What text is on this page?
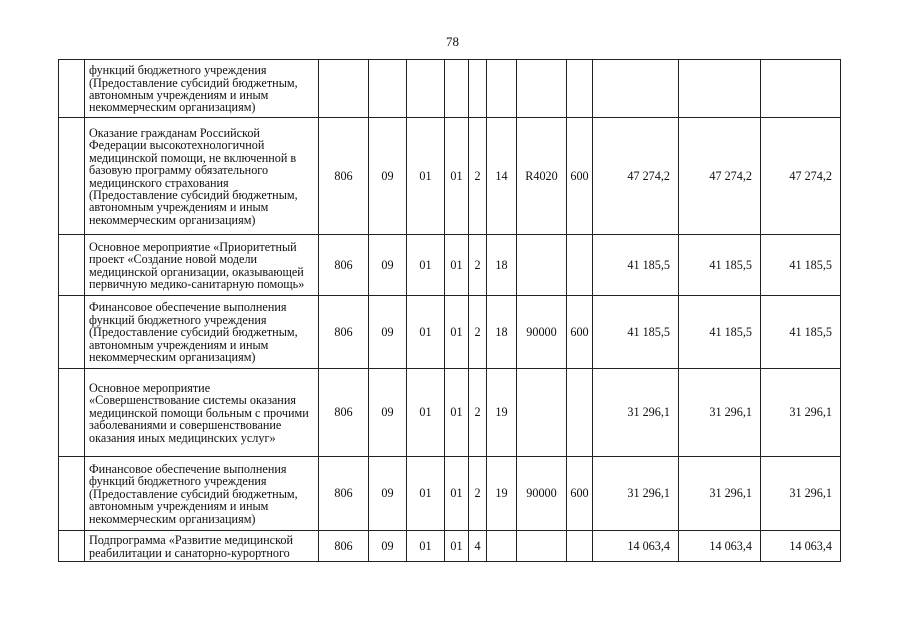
78
	функций бюджетного учреждения (Предоставление субсидий бюджетным, автономным учреждениям и иным некоммерческим организациям)											
	Оказание гражданам Российской Федерации высокотехнологичной медицинской помощи, не включенной в базовую программу обязательного медицинского страхования (Предоставление субсидий бюджетным, автономным учреждениям и иным некоммерческим организациям)	806	09	01	01	2	14	R4020	600	47 274,2	47 274,2	47 274,2
	Основное мероприятие «Приоритетный проект «Создание новой модели медицинской организации, оказывающей первичную медико-санитарную помощь»	806	09	01	01	2	18			41 185,5	41 185,5	41 185,5
	Финансовое обеспечение выполнения функций бюджетного учреждения (Предоставление субсидий бюджетным, автономным учреждениям и иным некоммерческим организациям)	806	09	01	01	2	18	90000	600	41 185,5	41 185,5	41 185,5
	Основное мероприятие «Совершенствование системы оказания медицинской помощи больным с прочими заболеваниями и совершенствование оказания иных медицинских услуг»	806	09	01	01	2	19			31 296,1	31 296,1	31 296,1
	Финансовое обеспечение выполнения функций бюджетного учреждения (Предоставление субсидий бюджетным, автономным учреждениям и иным некоммерческим организациям)	806	09	01	01	2	19	90000	600	31 296,1	31 296,1	31 296,1
	Подпрограмма «Развитие медицинской реабилитации и санаторно-курортного	806	09	01	01	4				14 063,4	14 063,4	14 063,4
